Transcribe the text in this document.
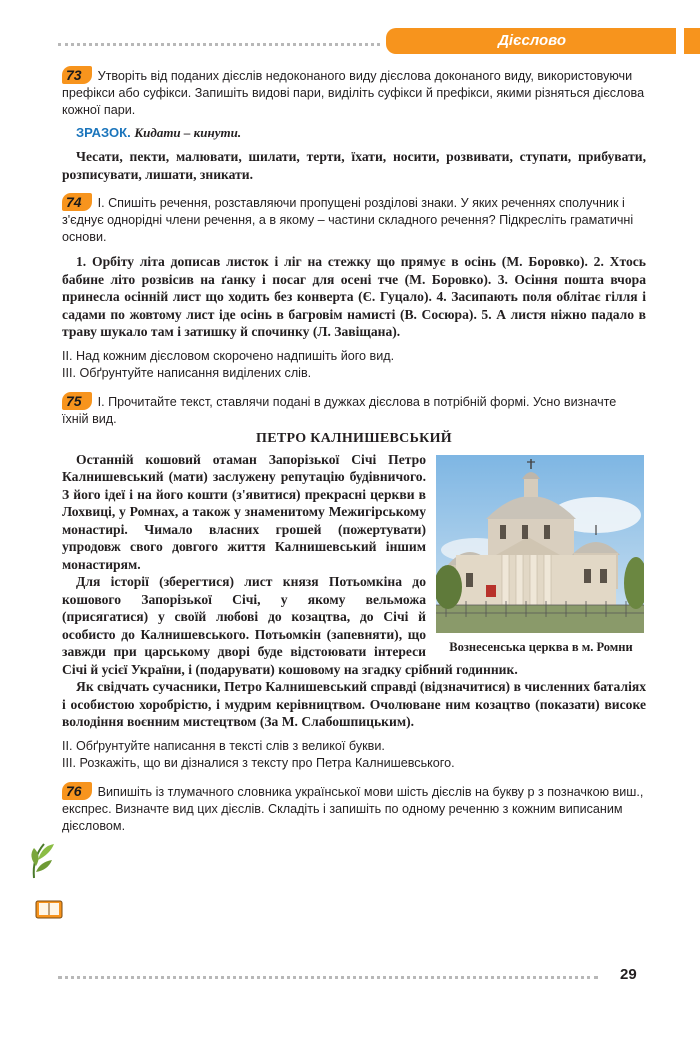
Дієслово

73 Утворіть від поданих дієслів недоконаного виду дієслова доконаного виду, використовуючи префікси або суфікси. Запишіть видові пари, виділіть суфікси й префікси, якими різняться дієслова кожної пари.

ЗРАЗОК. Кидати – кинути.

Чесати, пекти, малювати, шилати, терти, їхати, носити, розвивати, ступати, прибувати, розписувати, лишати, зникати.

74 І. Спишіть речення, розставляючи пропущені розділові знаки. У яких реченнях сполучник і з'єднує однорідні члени речення, а в якому – частини складного речення? Підкресліть граматичні основи.

1. Орбіту літа дописав листок і ліг на стежку що прямує в осінь (М. Боровко). 2. Хтось бабине літо розвісив на ґанку і посаг для осені тче (М. Боровко). 3. Осіння пошта вчора принесла осінній лист що ходить без конверта (Є. Гуцало). 4. Засипають поля облітає гілля і садами по жовтому лист іде осінь в багровім намисті (В. Сосюра). 5. А листя ніжно падало в траву шукало там і затишку й спочинку (Л. Завіщана).

ІІ. Над кожним дієсловом скорочено надпишіть його вид.

ІІІ. Обґрунтуйте написання виділених слів.

75 І. Прочитайте текст, ставлячи подані в дужках дієслова в потрібній формі. Усно визначте їхній вид.

ПЕТРО КАЛНИШЕВСЬКИЙ
Вознесенська церква в м. Ромни

Останній кошовий отаман Запорізької Січі Петро Калнишевський (мати) заслужену репутацію будівничого. З його ідеї і на його кошти (з'явитися) прекрасні церкви в Лохвиці, у Ромнах, а також у знаменитому Межигірському монастирі. Чимало власних грошей (пожертувати) упродовж свого довгого життя Калнишевський іншим монастирям.

Для історії (зберегтися) лист князя Потьомкіна до кошового Запорізької Січі, у якому вельможа (присягатися) у своїй любові до козацтва, до Січі й особисто до Калнишевського. Потьомкін (запевняти), що завжди при царському дворі буде відстоювати інтереси Січі й усієї України, і (подарувати) кошовому на згадку срібний годинник.

Як свідчать сучасники, Петро Калнишевський справді (відзначитися) в численних баталіях і особистою хоробрістю, і мудрим керівництвом. Очолюване ним козацтво (показати) високе володіння воєнним мистецтвом (За М. Слабошпицьким).

ІІ. Обґрунтуйте написання в тексті слів з великої букви.

ІІІ. Розкажіть, що ви дізналися з тексту про Петра Калнишевського.

76 Випишіть із тлумачного словника української мови шість дієслів на букву р з позначкою виш., експрес. Визначте вид цих дієслів. Складіть і запишіть по одному реченню з кожним виписаним дієсловом.

29
